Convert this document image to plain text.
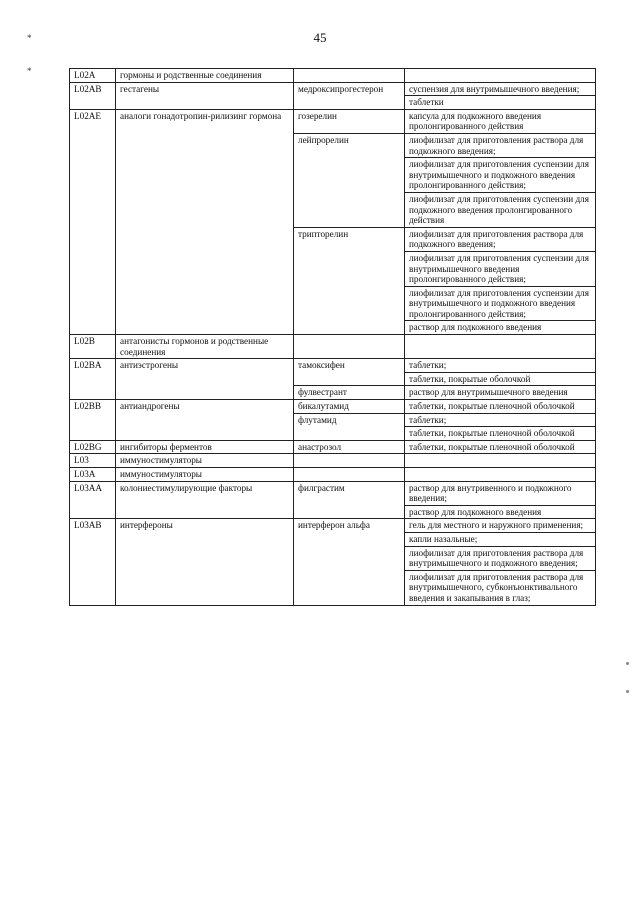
45
*
*	L02A	гормоны и родственные соединения		
L02AB	гестагены	медроксипрогестерон	суспензия для внутримышечного введения;
			таблетки
L02AE	аналоги гонадотропин-рилизинг гормона	гозерелин	капсула для подкожного введения пролонгированного действия
		лейпрорелин	лиофилизат для приготовления раствора для подкожного введения;
			лиофилизат для приготовления суспензии для внутримышечного и подкожного введения пролонгированного действия;
			лиофилизат для приготовления суспензии для подкожного введения пролонгированного действия
		трипторелин	лиофилизат для приготовления раствора для подкожного введения;
			лиофилизат для приготовления суспензии для внутримышечного введения пролонгированного действия;
			лиофилизат для приготовления суспензии для внутримышечного и подкожного введения пролонгированного действия;
			раствор для подкожного введения
L02B	антагонисты гормонов и родственные соединения		
L02BA	антиэстрогены	тамоксифен	таблетки;
			таблетки, покрытые оболочкой
		фулвестрант	раствор для внутримышечного введения
L02BB	антиандрогены	бикалутамид	таблетки, покрытые пленочной оболочкой
		флутамид	таблетки;
			таблетки, покрытые пленочной оболочкой
L02BG	ингибиторы ферментов	анастрозол	таблетки, покрытые пленочной оболочкой
L03	иммуностимуляторы		
L03A	иммуностимуляторы		
L03AA	колониестимулирующие факторы	филграстим	раствор для внутривенного и подкожного введения;
			раствор для подкожного введения
L03AB	интерфероны	интерферон альфа	гель для местного и наружного применения;
			капли назальные;
			лиофилизат для приготовления раствора для внутримышечного и подкожного введения;
			лиофилизат для приготовления раствора для внутримышечного, субконъюнктивального введения и закапывания в глаз;
